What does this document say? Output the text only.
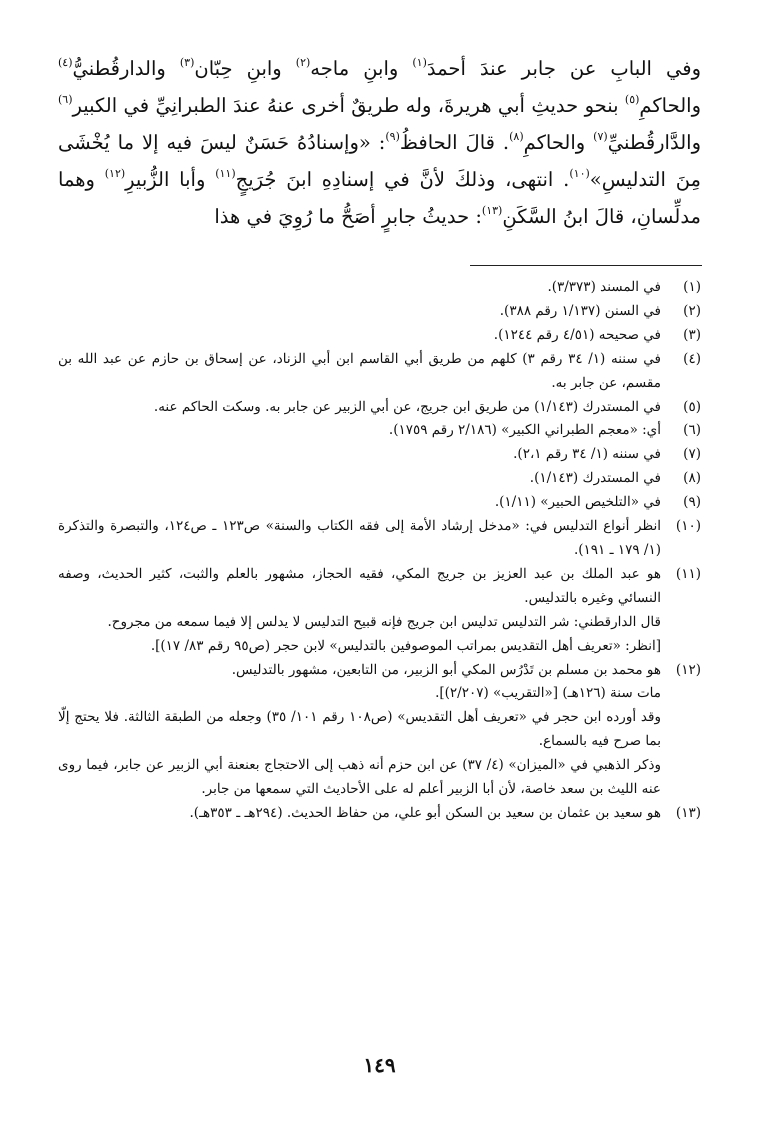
وفي البابِ عن جابر عندَ أحمدَ$^{(١)}$ وابنِ ماجه$^{(٢)}$ وابنِ حِبّان$^{(٣)}$ والدارقُطنيُّ$^{(٤)}$ والحاكمِ$^{(٥)}$ بنحو حديثِ أبي هريرةَ، وله طريقٌ أخرى عنهُ عندَ الطبرانِيِّ في الكبير$^{(٦)}$ والدَّارقُطنيِّ$^{(٧)}$ والحاكمِ$^{(٨)}$. قالَ الحافظُ$^{(٩)}$: «وإسنادُهُ حَسَنٌ ليسَ فيه إلا ما يُخْشَى مِنَ التدليسِ»$^{(١٠)}$. انتهى، وذلكَ لأنَّ في إسنادِهِ ابنَ جُرَيجٍ$^{(١١)}$ وأبا الزُّبيرِ$^{(١٢)}$ وهما مدلِّسانِ، قالَ ابنُ السَّكَنِ$^{(١٣)}$: حديثُ جابرٍ أصَحُّ ما رُوِيَ في هذا
(١)
في المسند (٣/٣٧٣).
(٢)
في السنن (١/١٣٧ رقم ٣٨٨).
(٣)
في صحيحه (٤/٥١ رقم ١٢٤٤).
(٤)
في سننه (١/ ٣٤ رقم ٣) كلهم من طريق أبي القاسم ابن أبي الزناد، عن إسحاق بن حازم عن عبد الله بن مقسم، عن جابر به.
(٥)
في المستدرك (١/١٤٣) من طريق ابن جريج، عن أبي الزبير عن جابر به. وسكت الحاكم عنه.
(٦)
أي: «معجم الطبراني الكبير» (٢/١٨٦ رقم ١٧٥٩).
(٧)
في سننه (١/ ٣٤ رقم ٢،١).
(٨)
في المستدرك (١/١٤٣).
(٩)
في «التلخيص الحبير» (١/١١).
(١٠)
انظر أنواع التدليس في: «مدخل إرشاد الأمة إلى فقه الكتاب والسنة» ص١٢٣ ـ ص١٢٤، والتبصرة والتذكرة (١/ ١٧٩ ـ ١٩١).
(١١)
هو عبد الملك بن عبد العزيز بن جريج المكي، فقيه الحجاز، مشهور بالعلم والثبت، كثير الحديث، وصفه النسائي وغيره بالتدليس.
قال الدارقطني: شر التدليس تدليس ابن جريج فإنه قبيح التدليس لا يدلس إلا فيما سمعه من مجروح.
[انظر: «تعريف أهل التقديس بمراتب الموصوفين بالتدليس» لابن حجر (ص٩٥ رقم ٨٣/ ١٧)].
(١٢)
هو محمد بن مسلم بن تَدْرُس المكي أبو الزبير، من التابعين، مشهور بالتدليس.
مات سنة (١٢٦هـ) [«التقريب» (٢/٢٠٧)].
وقد أورده ابن حجر في «تعريف أهل التقديس» (ص١٠٨ رقم ١٠١/ ٣٥) وجعله من الطبقة الثالثة. فلا يحتج إلّا بما صرح فيه بالسماع.
وذكر الذهبي في «الميزان» (٤/ ٣٧) عن ابن حزم أنه ذهب إلى الاحتجاج بعنعنة أبي الزبير عن جابر، فيما روى عنه الليث بن سعد خاصة، لأن أبا الزبير أعلم له على الأحاديث التي سمعها من جابر.
(١٣)
هو سعيد بن عثمان بن سعيد بن السكن أبو علي، من حفاظ الحديث. (٢٩٤هـ ـ ٣٥٣هـ).
١٤٩
